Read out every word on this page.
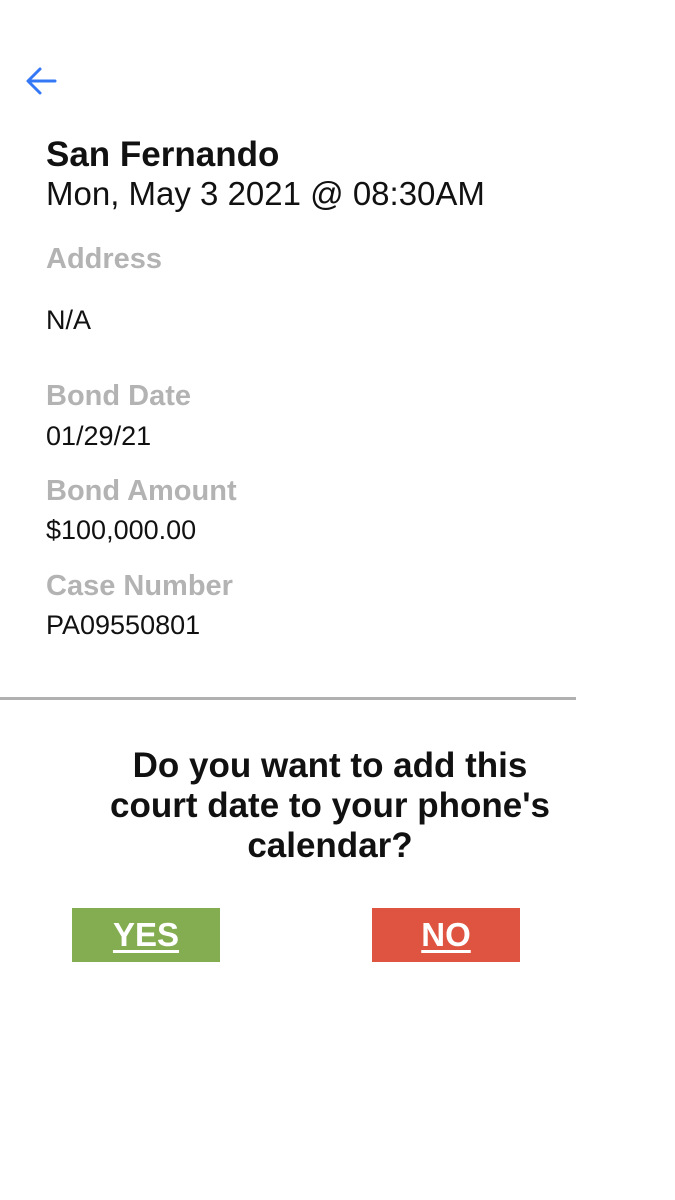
San Fernando
Mon, May 3 2021 @ 08:30AM
Address
N/A
Bond Date
01/29/21
Bond Amount
$100,000.00
Case Number
PA09550801
Do you want to add this
court date to your phone's
calendar?
YES	NO
